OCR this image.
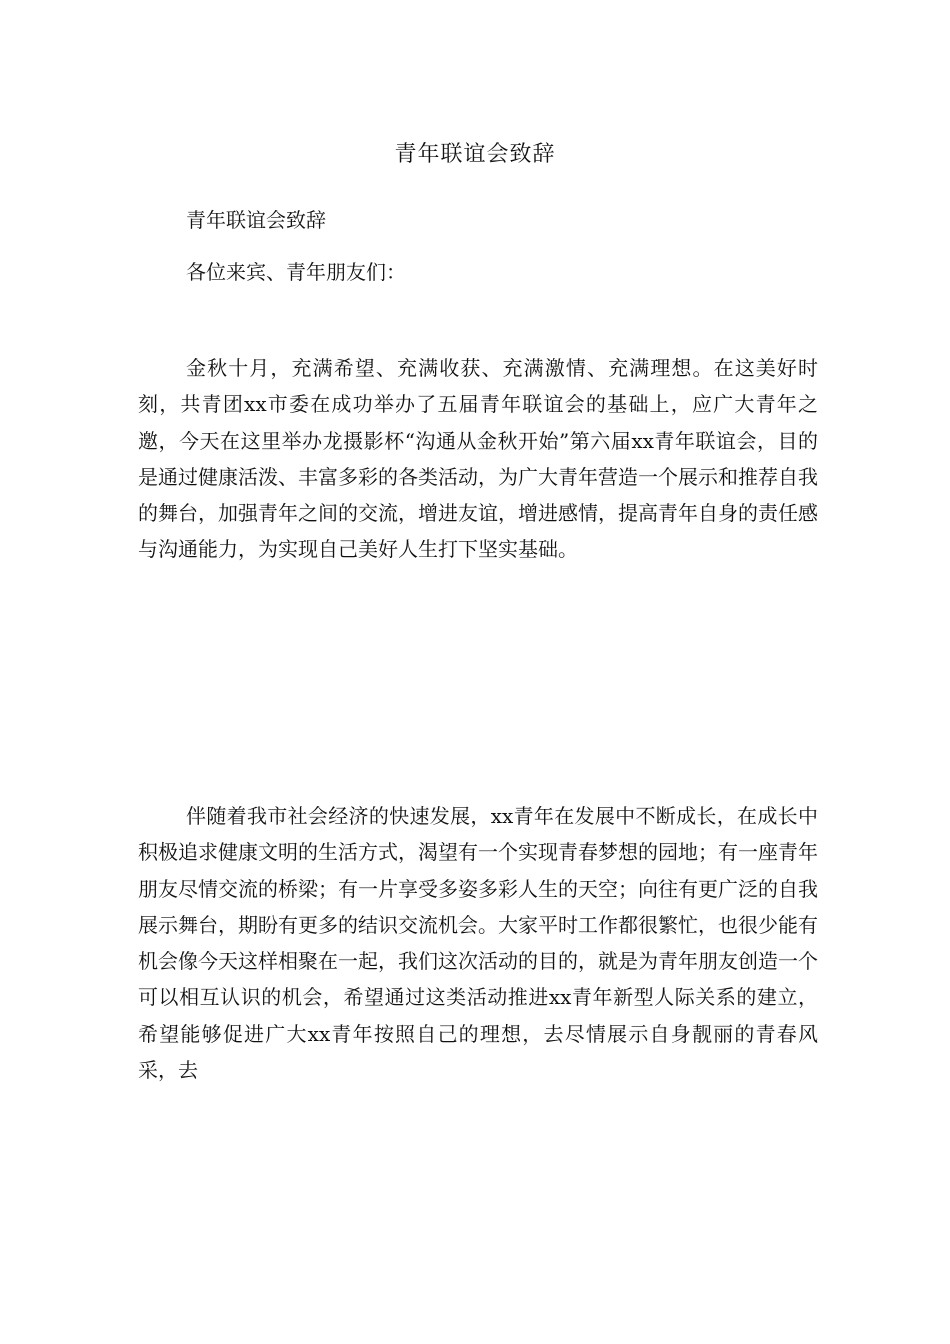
青年联谊会致辞
青年联谊会致辞
各位来宾、青年朋友们：

金秋十月，充满希望、充满收获、充满激情、充满理想。在这美好时刻，共青团xx市委在成功举办了五届青年联谊会的基础上，应广大青年之邀，今天在这里举办龙摄影杯“沟通从金秋开始”第六届xx青年联谊会，目的是通过健康活泼、丰富多彩的各类活动，为广大青年营造一个展示和推荐自我的舞台，加强青年之间的交流，增进友谊，增进感情，提高青年自身的责任感与沟通能力，为实现自己美好人生打下坚实基础。

伴随着我市社会经济的快速发展，xx青年在发展中不断成长，在成长中积极追求健康文明的生活方式，渴望有一个实现青春梦想的园地；有一座青年朋友尽情交流的桥梁；有一片享受多姿多彩人生的天空；向往有更广泛的自我展示舞台，期盼有更多的结识交流机会。大家平时工作都很繁忙，也很少能有机会像今天这样相聚在一起，我们这次活动的目的，就是为青年朋友创造一个可以相互认识的机会，希望通过这类活动推进xx青年新型人际关系的建立，希望能够促进广大xx青年按照自己的理想，去尽情展示自身靓丽的青春风采，去
